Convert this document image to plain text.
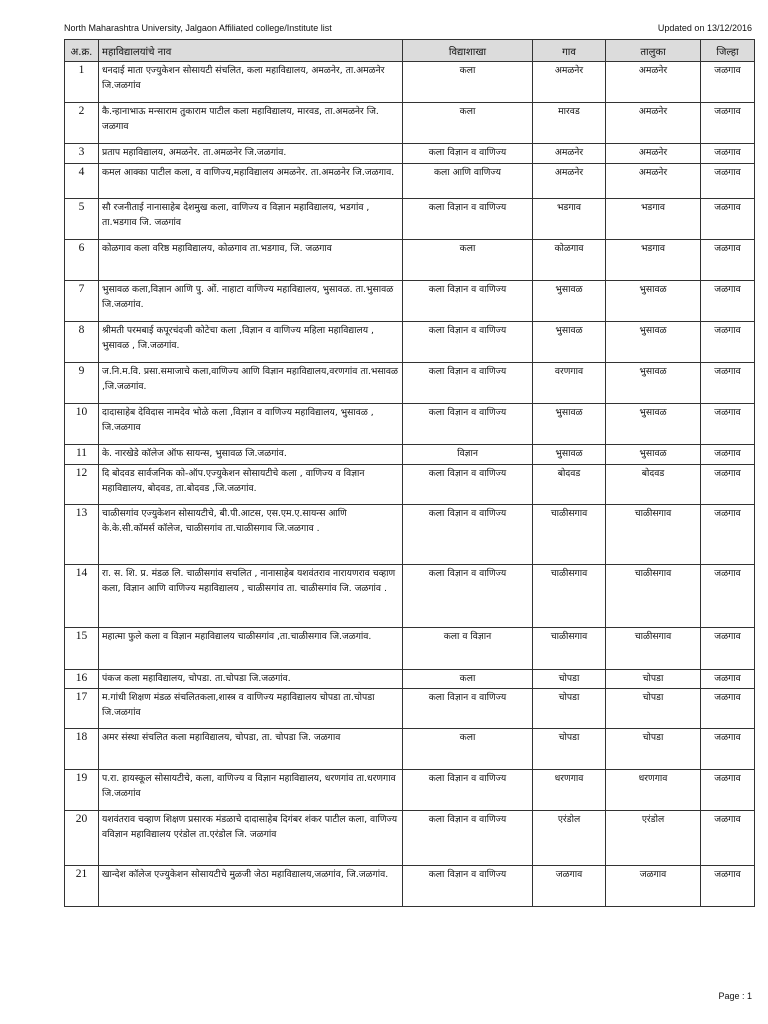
North Maharashtra University, Jalgaon Affiliated college/Institute list	Updated on 13/12/2016
अ.क्र.	महाविद्यालयांचे नाव	विद्याशाखा	गाव	तालुका	जिल्हा
1	धनदाई माता एज्युकेशन सोसायटी संचलित, कला महाविद्यालय, अमळनेर, ता.अमळनेर जि.जळगांव	कला	अमळनेर	अमळनेर	जळगाव
2	कै.न्हानाभाऊ मन्साराम तुकाराम पाटील कला महाविद्यालय, मारवड, ता.अमळनेर जि. जळगाव	कला	मारवड	अमळनेर	जळगाव
3	प्रताप महाविद्यालय, अमळनेर. ता.अमळनेर जि.जळगांव.	कला विज्ञान व वाणिज्य	अमळनेर	अमळनेर	जळगाव
4	कमल आक्का पाटील कला, व वाणिज्य,महाविद्यालय अमळनेर. ता.अमळनेर जि.जळगाव.	कला आणि वाणिज्य	अमळनेर	अमळनेर	जळगाव
5	सौ रजनीताई नानासाहेब देशमुख कला, वाणिज्य व विज्ञान महाविद्यालय, भडगांव , ता.भडगाव जि. जळगांव	कला विज्ञान व वाणिज्य	भडगाव	भडगाव	जळगाव
6	कोळगाव कला वरिष्ठ महाविद्यालय, कोळगाव ता.भडगाव, जि. जळगाव	कला	कोळगाव	भडगाव	जळगाव
7	भुसावळ कला,विज्ञान आणि पु. ओं. नाहाटा वाणिज्य महाविद्यालय, भुसावळ. ता.भुसावळ जि.जळगांव.	कला विज्ञान व वाणिज्य	भुसावळ	भुसावळ	जळगाव
8	श्रीमती परमबाई कपूरचंदजी कोटेचा कला ,विज्ञान व वाणिज्य महिला महाविद्यालय , भुसावळ , जि.जळगांव.	कला विज्ञान व वाणिज्य	भुसावळ	भुसावळ	जळगाव
9	ज.नि.म.वि. प्रसा.समाजाचे कला,वाणिज्य आणि विज्ञान महाविद्यालय,वरणगांव ता.भसावळ ,जि.जळगांव.	कला विज्ञान व वाणिज्य	वरणगाव	भुसावळ	जळगाव
10	दादासाहेब देविदास नामदेव भोळे कला ,विज्ञान व वाणिज्य महाविद्यालय, भुसावळ , जि.जळगाव	कला विज्ञान व वाणिज्य	भुसावळ	भुसावळ	जळगाव
11	के. नारखेडे कॉलेज ऑफ सायन्स, भुसावळ जि.जळगांव.	विज्ञान	भुसावळ	भुसावळ	जळगाव
12	दि बोदवड सार्वजनिक को-ऑप.एज्युकेशन सोसायटीचे कला , वाणिज्य व विज्ञान महाविद्यालय, बोदवड, ता.बोदवड ,जि.जळगांव.	कला विज्ञान व वाणिज्य	बोदवड	बोदवड	जळगाव
13	चाळीसगांव एज्युकेशन सोसायटीचे, बी.पी.आटस, एस.एम.ए.सायन्स आणि के.के.सी.कॉमर्स कॉलेज, चाळीसगांव ता.चाळीसगाव जि.जळगाव .	कला विज्ञान व वाणिज्य	चाळीसगाव	चाळीसगाव	जळगाव
14	रा. स. शि. प्र. मंडळ लि. चाळीसगांव सचलित , नानासाहेब यशवंतराव नारायणराव चव्हाण कला, विज्ञान आणि वाणिज्य महाविद्यालय , चाळीसगांव ता. चाळीसगांव जि. जळगांव .	कला विज्ञान व वाणिज्य	चाळीसगाव	चाळीसगाव	जळगाव
15	महात्मा फुले कला व विज्ञान महाविद्यालय चाळीसगांव ,ता.चाळीसगाव जि.जळगांव.	कला व विज्ञान	चाळीसगाव	चाळीसगाव	जळगाव
16	पंकज कला महाविद्यालय, चोपडा. ता.चोपडा जि.जळगांव.	कला	चोपडा	चोपडा	जळगाव
17	म.गांधी शिक्षण मंडळ संचलितकला,शास्त्र व वाणिज्य महाविद्यालय चोपडा ता.चोपडा जि.जळगांव	कला विज्ञान व वाणिज्य	चोपडा	चोपडा	जळगाव
18	अमर संस्था संचलित कला महाविद्यालय, चोपडा, ता. चोपडा जि. जळगाव	कला	चोपडा	चोपडा	जळगाव
19	प.रा. हायस्कूल सोसायटीचे, कला, वाणिज्य व विज्ञान महाविद्यालय, धरणगांव ता.धरणगाव जि.जळगांव	कला विज्ञान व वाणिज्य	धरणगाव	धरणगाव	जळगाव
20	यशवंतराव चव्हाण शिक्षण प्रसारक मंडळाचे दादासाहेब दिगंबर शंकर पाटील कला, वाणिज्य वविज्ञान महाविद्यालय एरंडोल ता.एरंडोल जि. जळगांव	कला विज्ञान व वाणिज्य	एरंडोल	एरंडोल	जळगाव
21	खान्देश कॉलेज एज्युकेशन सोसायटीचे मुळजी जेठा महाविद्यालय,जळगांव, जि.जळगांव.	कला विज्ञान व वाणिज्य	जळगाव	जळगाव	जळगाव
Page : 1
